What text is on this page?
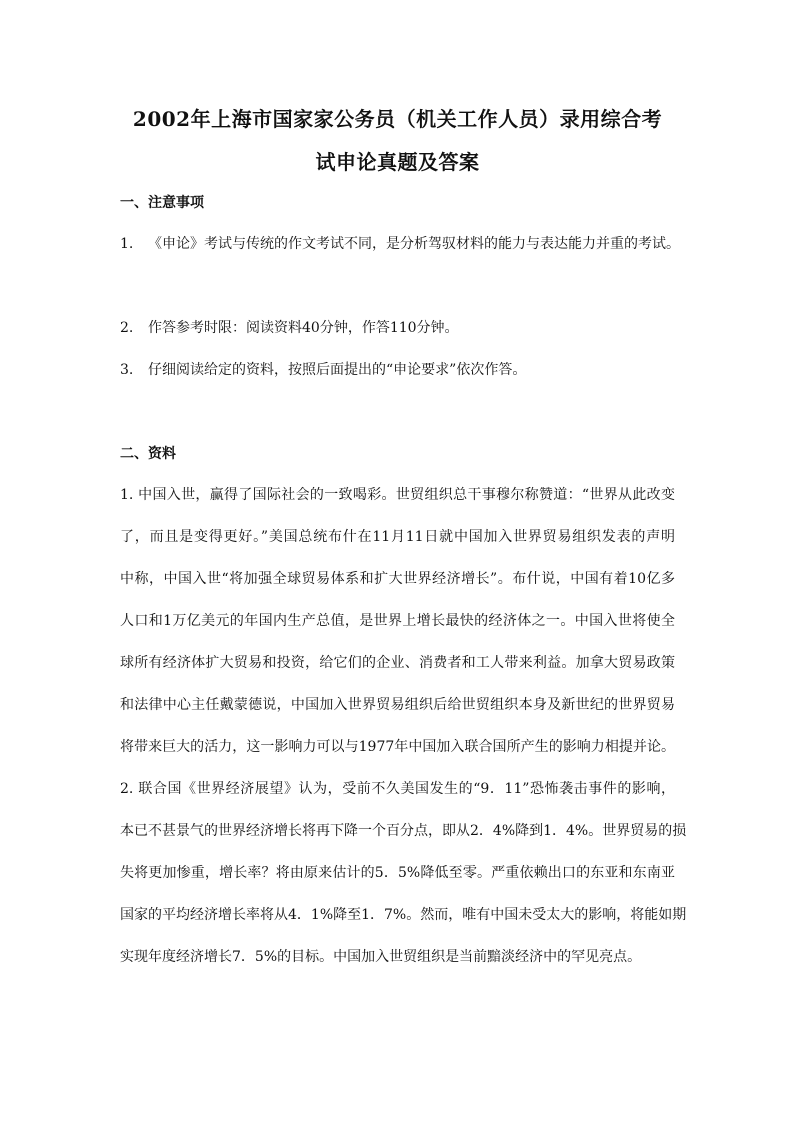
2002年上海市国家家公务员（机关工作人员）录用综合考
试申论真题及答案
一、注意事项
1. 《申论》考试与传统的作文考试不同，是分析驾驭材料的能力与表达能力并重的考试。
2. 作答参考时限：阅读资料40分钟，作答110分钟。
3. 仔细阅读给定的资料，按照后面提出的“申论要求”依次作答。
二、资料
1. 中国入世，赢得了国际社会的一致喝彩。世贸组织总干事穆尔称赞道：“世界从此改变
了，而且是变得更好。”美国总统布什在11月11日就中国加入世界贸易组织发表的声明
中称，中国入世“将加强全球贸易体系和扩大世界经济增长”。布什说，中国有着10亿多
人口和1万亿美元的年国内生产总值，是世界上增长最快的经济体之一。中国入世将使全
球所有经济体扩大贸易和投资，给它们的企业、消费者和工人带来利益。加拿大贸易政策
和法律中心主任戴蒙德说，中国加入世界贸易组织后给世贸组织本身及新世纪的世界贸易
将带来巨大的活力，这一影响力可以与1977年中国加入联合国所产生的影响力相提并论。
2. 联合国《世界经济展望》认为，受前不久美国发生的“9．11”恐怖袭击事件的影响，
本已不甚景气的世界经济增长将再下降一个百分点，即从2．4%降到1．4%。世界贸易的损
失将更加惨重，增长率？将由原来估计的5．5%降低至零。严重依赖出口的东亚和东南亚
国家的平均经济增长率将从4．1%降至1．7%。然而，唯有中国未受太大的影响，将能如期
实现年度经济增长7．5%的目标。中国加入世贸组织是当前黯淡经济中的罕见亮点。
